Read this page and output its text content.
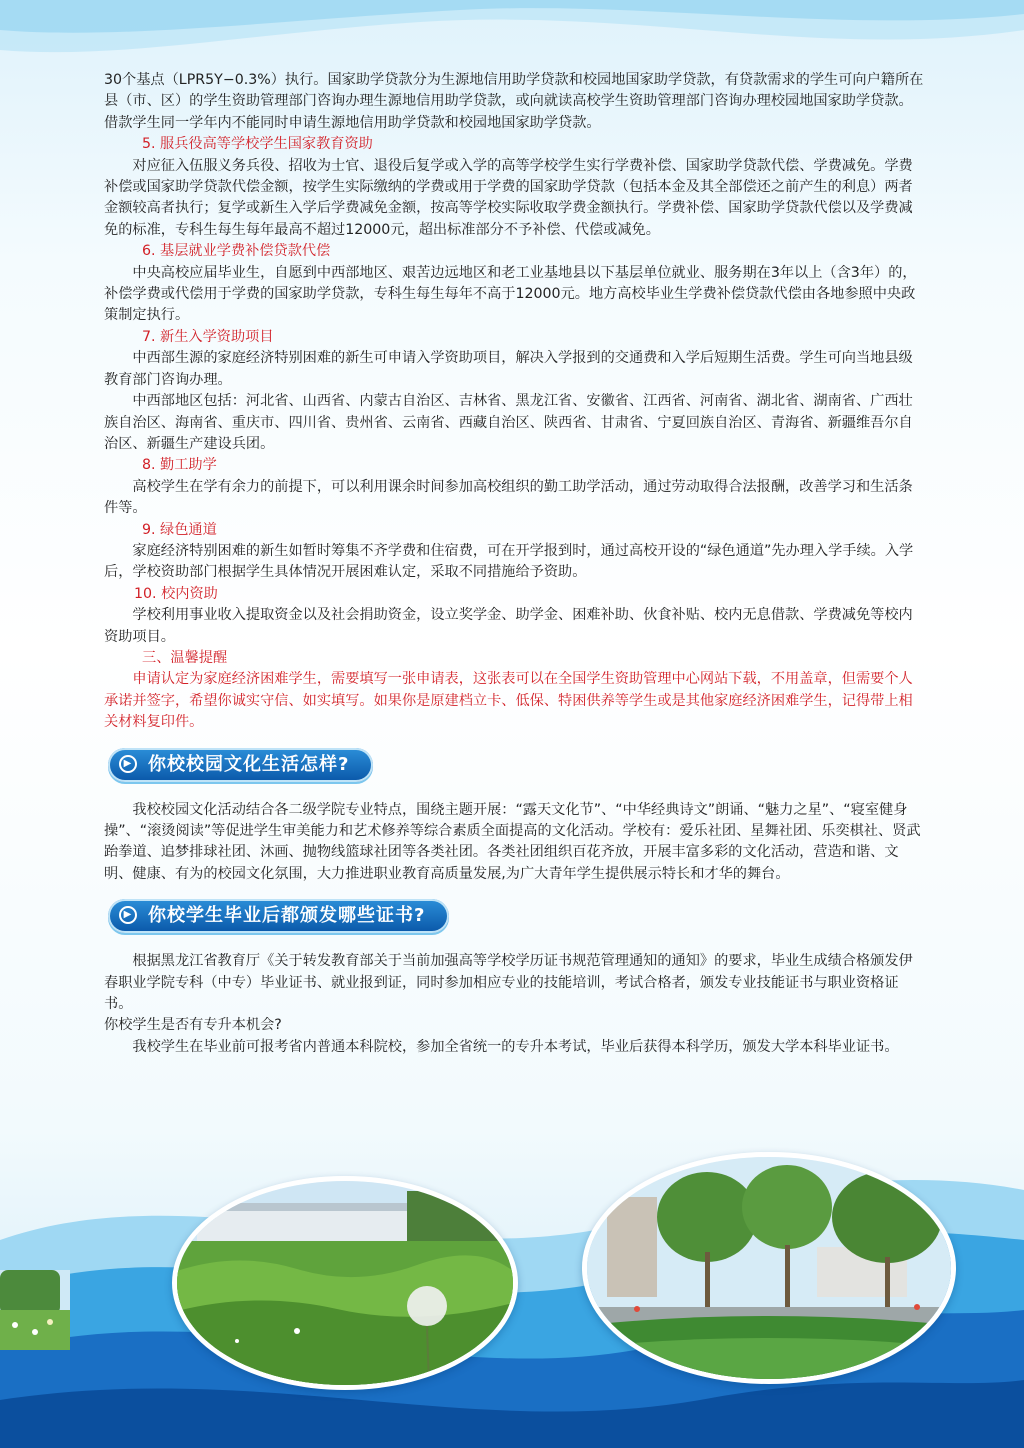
30个基点（LPR5Y−0.3%）执行。国家助学贷款分为生源地信用助学贷款和校园地国家助学贷款，有贷款需求的学生可向户籍所在县（市、区）的学生资助管理部门咨询办理生源地信用助学贷款，或向就读高校学生资助管理部门咨询办理校园地国家助学贷款。借款学生同一学年内不能同时申请生源地信用助学贷款和校园地国家助学贷款。

5. 服兵役高等学校学生国家教育资助

对应征入伍服义务兵役、招收为士官、退役后复学或入学的高等学校学生实行学费补偿、国家助学贷款代偿、学费减免。学费补偿或国家助学贷款代偿金额，按学生实际缴纳的学费或用于学费的国家助学贷款（包括本金及其全部偿还之前产生的利息）两者金额较高者执行；复学或新生入学后学费减免金额，按高等学校实际收取学费金额执行。学费补偿、国家助学贷款代偿以及学费减免的标准，专科生每生每年最高不超过12000元，超出标准部分不予补偿、代偿或减免。

6. 基层就业学费补偿贷款代偿

中央高校应届毕业生，自愿到中西部地区、艰苦边远地区和老工业基地县以下基层单位就业、服务期在3年以上（含3年）的，补偿学费或代偿用于学费的国家助学贷款，专科生每生每年不高于12000元。地方高校毕业生学费补偿贷款代偿由各地参照中央政策制定执行。

7. 新生入学资助项目

中西部生源的家庭经济特别困难的新生可申请入学资助项目，解决入学报到的交通费和入学后短期生活费。学生可向当地县级教育部门咨询办理。

中西部地区包括：河北省、山西省、内蒙古自治区、吉林省、黑龙江省、安徽省、江西省、河南省、湖北省、湖南省、广西壮族自治区、海南省、重庆市、四川省、贵州省、云南省、西藏自治区、陕西省、甘肃省、宁夏回族自治区、青海省、新疆维吾尔自治区、新疆生产建设兵团。

8. 勤工助学

高校学生在学有余力的前提下，可以利用课余时间参加高校组织的勤工助学活动，通过劳动取得合法报酬，改善学习和生活条件等。

9. 绿色通道

家庭经济特别困难的新生如暂时筹集不齐学费和住宿费，可在开学报到时，通过高校开设的“绿色通道”先办理入学手续。入学后，学校资助部门根据学生具体情况开展困难认定，采取不同措施给予资助。

10. 校内资助

学校利用事业收入提取资金以及社会捐助资金，设立奖学金、助学金、困难补助、伙食补贴、校内无息借款、学费减免等校内资助项目。

三、温馨提醒

申请认定为家庭经济困难学生，需要填写一张申请表，这张表可以在全国学生资助管理中心网站下载，不用盖章，但需要个人承诺并签字，希望你诚实守信、如实填写。如果你是原建档立卡、低保、特困供养等学生或是其他家庭经济困难学生，记得带上相关材料复印件。

▶ 你校校园文化生活怎样?

我校校园文化活动结合各二级学院专业特点，围绕主题开展：“露天文化节”、“中华经典诗文”朗诵、“魅力之星”、“寝室健身操”、“滚烫阅读”等促进学生审美能力和艺术修养等综合素质全面提高的文化活动。学校有：爱乐社团、星舞社团、乐奕棋社、贤武跆拳道、追梦排球社团、沐画、抛物线篮球社团等各类社团。各类社团组织百花齐放，开展丰富多彩的文化活动，营造和谐、文明、健康、有为的校园文化氛围，大力推进职业教育高质量发展,为广大青年学生提供展示特长和才华的舞台。

▶ 你校学生毕业后都颁发哪些证书?

根据黑龙江省教育厅《关于转发教育部关于当前加强高等学校学历证书规范管理通知的通知》的要求，毕业生成绩合格颁发伊春职业学院专科（中专）毕业证书、就业报到证，同时参加相应专业的技能培训，考试合格者，颁发专业技能证书与职业资格证书。

你校学生是否有专升本机会?

我校学生在毕业前可报考省内普通本科院校，参加全省统一的专升本考试，毕业后获得本科学历，颁发大学本科毕业证书。
